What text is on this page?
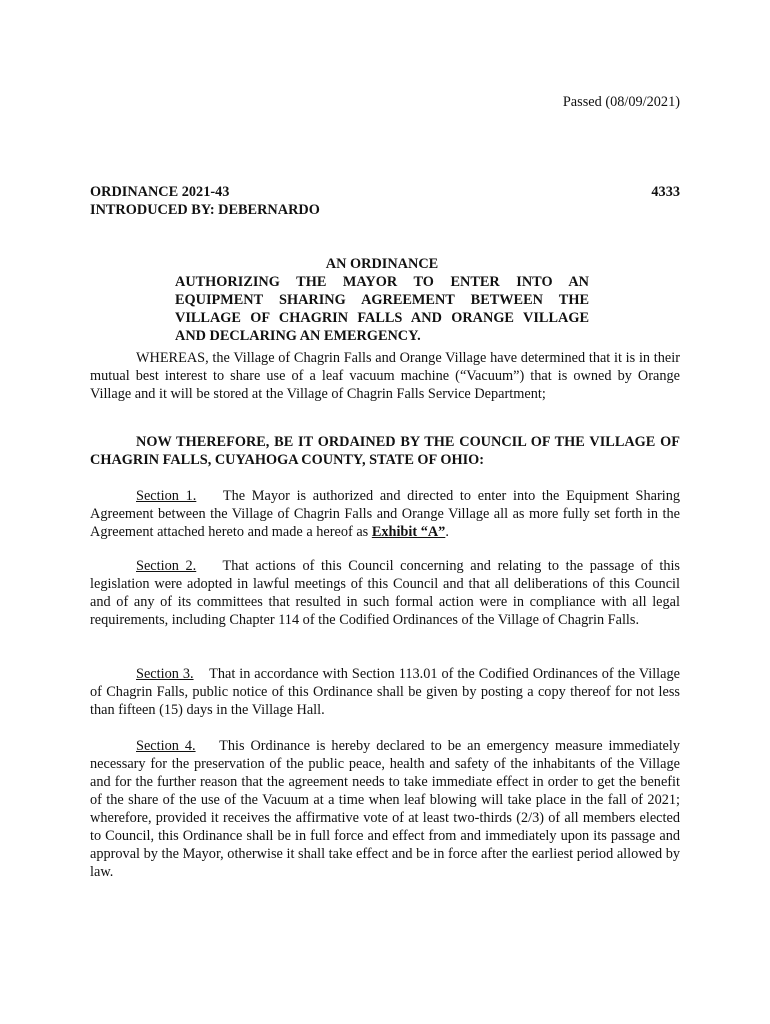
Passed (08/09/2021)
ORDINANCE 2021-43
INTRODUCED BY: DEBERNARDO
4333
AN ORDINANCE
AUTHORIZING THE MAYOR TO ENTER INTO AN
EQUIPMENT SHARING AGREEMENT BETWEEN THE
VILLAGE OF CHAGRIN FALLS AND ORANGE VILLAGE
AND DECLARING AN EMERGENCY.

WHEREAS, the Village of Chagrin Falls and Orange Village have determined that it is in their mutual best interest to share use of a leaf vacuum machine (“Vacuum”) that is owned by Orange Village and it will be stored at the Village of Chagrin Falls Service Department;

NOW THEREFORE, BE IT ORDAINED BY THE COUNCIL OF THE VILLAGE OF CHAGRIN FALLS, CUYAHOGA COUNTY, STATE OF OHIO:

Section 1. The Mayor is authorized and directed to enter into the Equipment Sharing Agreement between the Village of Chagrin Falls and Orange Village all as more fully set forth in the Agreement attached hereto and made a hereof as Exhibit “A”.

Section 2. That actions of this Council concerning and relating to the passage of this legislation were adopted in lawful meetings of this Council and that all deliberations of this Council and of any of its committees that resulted in such formal action were in compliance with all legal requirements, including Chapter 114 of the Codified Ordinances of the Village of Chagrin Falls.

Section 3. That in accordance with Section 113.01 of the Codified Ordinances of the Village of Chagrin Falls, public notice of this Ordinance shall be given by posting a copy thereof for not less than fifteen (15) days in the Village Hall.

Section 4. This Ordinance is hereby declared to be an emergency measure immediately necessary for the preservation of the public peace, health and safety of the inhabitants of the Village and for the further reason that the agreement needs to take immediate effect in order to get the benefit of the share of the use of the Vacuum at a time when leaf blowing will take place in the fall of 2021; wherefore, provided it receives the affirmative vote of at least two-thirds (2/3) of all members elected to Council, this Ordinance shall be in full force and effect from and immediately upon its passage and approval by the Mayor, otherwise it shall take effect and be in force after the earliest period allowed by law.
